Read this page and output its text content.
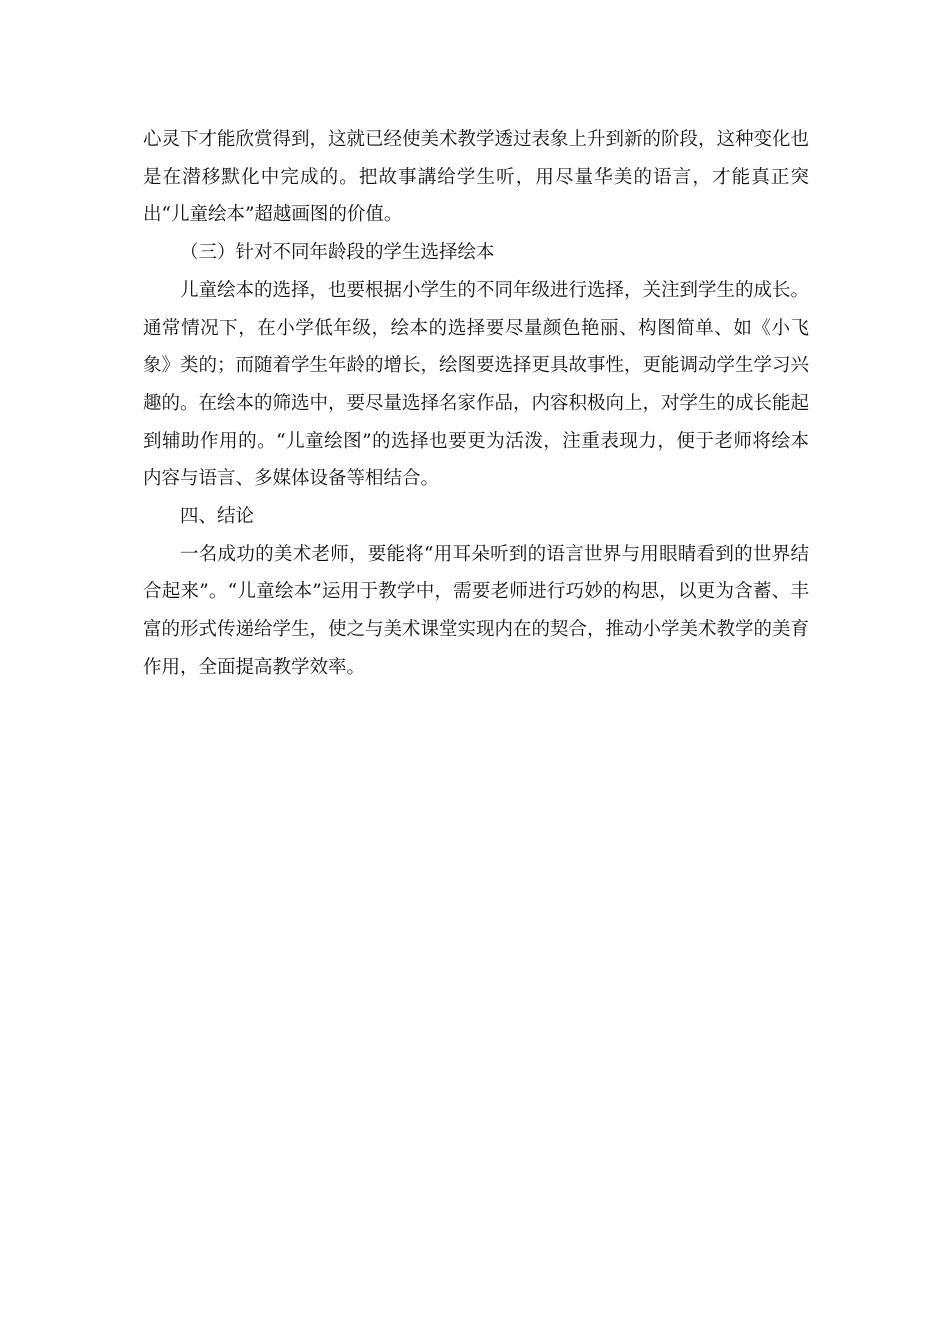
心灵下才能欣赏得到，这就已经使美术教学透过表象上升到新的阶段，这种变化也是在潜移默化中完成的。把故事講给学生听，用尽量华美的语言，才能真正突出“儿童绘本”超越画图的价值。

（三）针对不同年龄段的学生选择绘本

儿童绘本的选择，也要根据小学生的不同年级进行选择，关注到学生的成长。通常情况下，在小学低年级，绘本的选择要尽量颜色艳丽、构图简单、如《小飞象》类的；而随着学生年龄的增长，绘图要选择更具故事性，更能调动学生学习兴趣的。在绘本的筛选中，要尽量选择名家作品，内容积极向上，对学生的成长能起到辅助作用的。“儿童绘图”的选择也要更为活泼，注重表现力，便于老师将绘本内容与语言、多媒体设备等相结合。

四、结论

一名成功的美术老师，要能将“用耳朵听到的语言世界与用眼睛看到的世界结合起来”。“儿童绘本”运用于教学中，需要老师进行巧妙的构思，以更为含蓄、丰富的形式传递给学生，使之与美术课堂实现内在的契合，推动小学美术教学的美育作用，全面提高教学效率。
